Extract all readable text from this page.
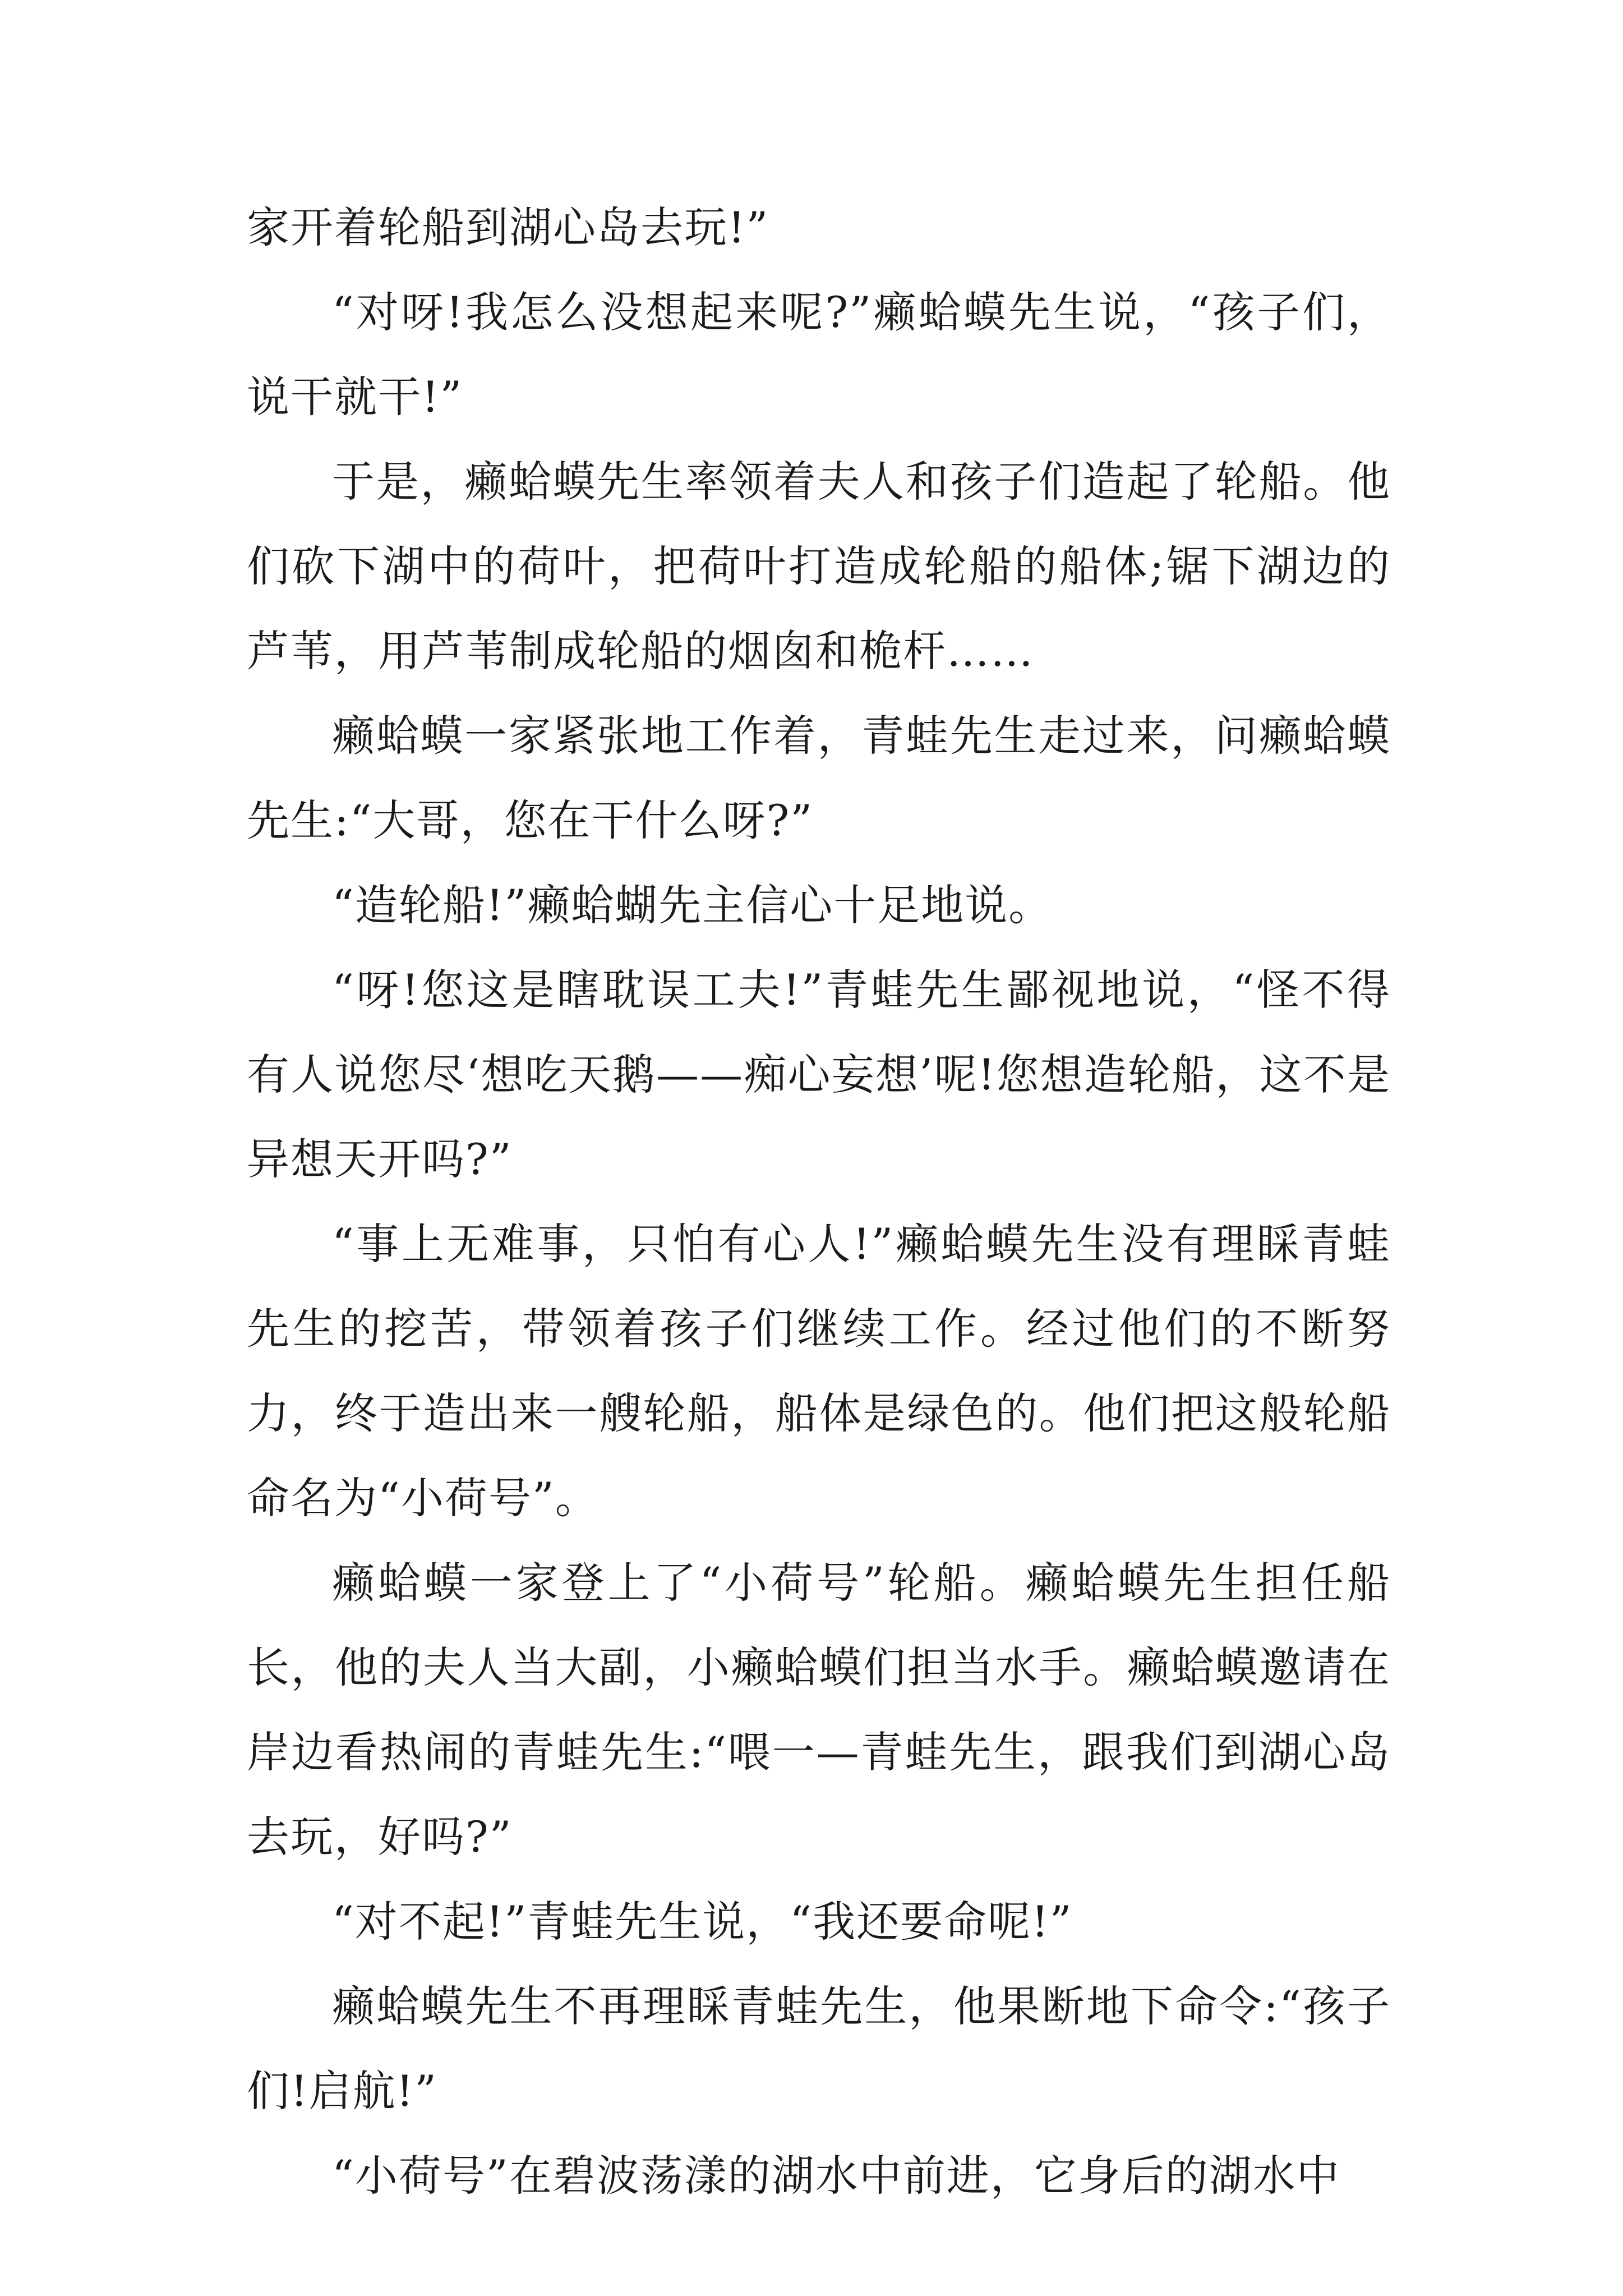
家开着轮船到湖心岛去玩!”

“对呀!我怎么没想起来呢?”癞蛤蟆先生说，“孩子们，说干就干!”

于是，癞蛤蟆先生率领着夫人和孩子们造起了轮船。他们砍下湖中的荷叶，把荷叶打造成轮船的船体;锯下湖边的芦苇，用芦苇制成轮船的烟囱和桅杆……

癞蛤蟆一家紧张地工作着，青蛙先生走过来，问癞蛤蟆先生:“大哥，您在干什么呀?”

“造轮船!”癞蛤蝴先主信心十足地说。

“呀!您这是瞎耽误工夫!”青蛙先生鄙视地说，“怪不得有人说您尽‘想吃天鹅——痴心妄想’呢!您想造轮船，这不是异想天开吗?”

“事上无难事，只怕有心人!”癞蛤蟆先生没有理睬青蛙先生的挖苦，带领着孩子们继续工作。经过他们的不断努力，终于造出来一艘轮船，船体是绿色的。他们把这般轮船命名为“小荷号”。

癞蛤蟆一家登上了“小荷号”轮船。癞蛤蟆先生担任船长，他的夫人当大副，小癞蛤蟆们担当水手。癞蛤蟆邀请在岸边看热闹的青蛙先生:“喂一—青蛙先生，跟我们到湖心岛去玩，好吗?”

“对不起!”青蛙先生说，“我还要命呢!”

癞蛤蟆先生不再理睬青蛙先生，他果断地下命令:“孩子们!启航!”

“小荷号”在碧波荡漾的湖水中前进，它身后的湖水中
